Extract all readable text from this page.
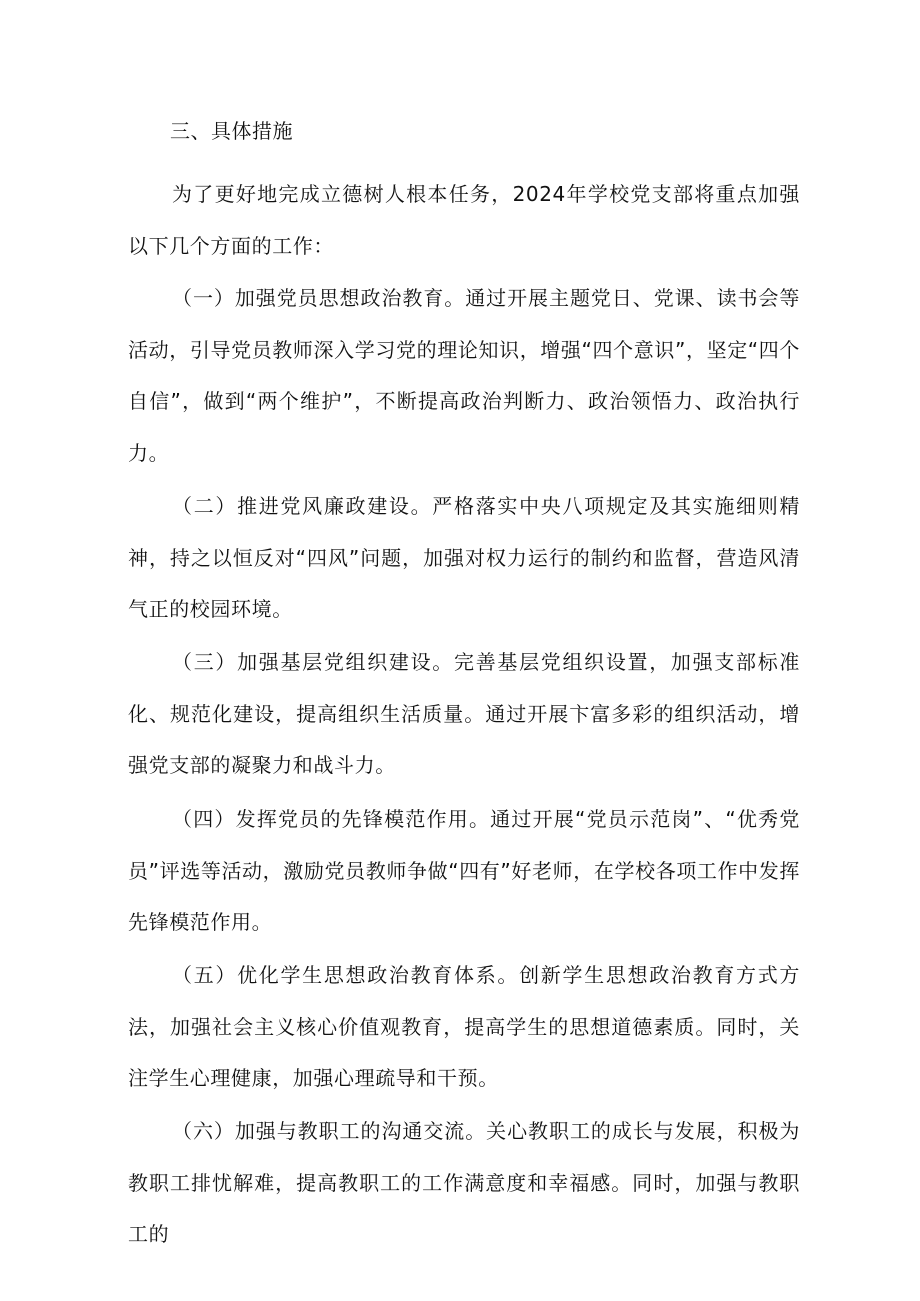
三、具体措施

为了更好地完成立德树人根本任务，2024年学校党支部将重点加强以下几个方面的工作：

（一）加强党员思想政治教育。通过开展主题党日、党课、读书会等活动，引导党员教师深入学习党的理论知识，增强“四个意识”，坚定“四个自信”，做到“两个维护”，不断提高政治判断力、政治领悟力、政治执行力。

（二）推进党风廉政建设。严格落实中央八项规定及其实施细则精神，持之以恒反对“四风”问题，加强对权力运行的制约和监督，营造风清气正的校园环境。

（三）加强基层党组织建设。完善基层党组织设置，加强支部标准化、规范化建设，提高组织生活质量。通过开展卞富多彩的组织活动，增强党支部的凝聚力和战斗力。

（四）发挥党员的先锋模范作用。通过开展“党员示范岗”、“优秀党员”评选等活动，激励党员教师争做“四有”好老师，在学校各项工作中发挥先锋模范作用。

（五）优化学生思想政治教育体系。创新学生思想政治教育方式方法，加强社会主义核心价值观教育，提高学生的思想道德素质。同时，关注学生心理健康，加强心理疏导和干预。

（六）加强与教职工的沟通交流。关心教职工的成长与发展，积极为教职工排忧解难，提高教职工的工作满意度和幸福感。同时，加强与教职工的
